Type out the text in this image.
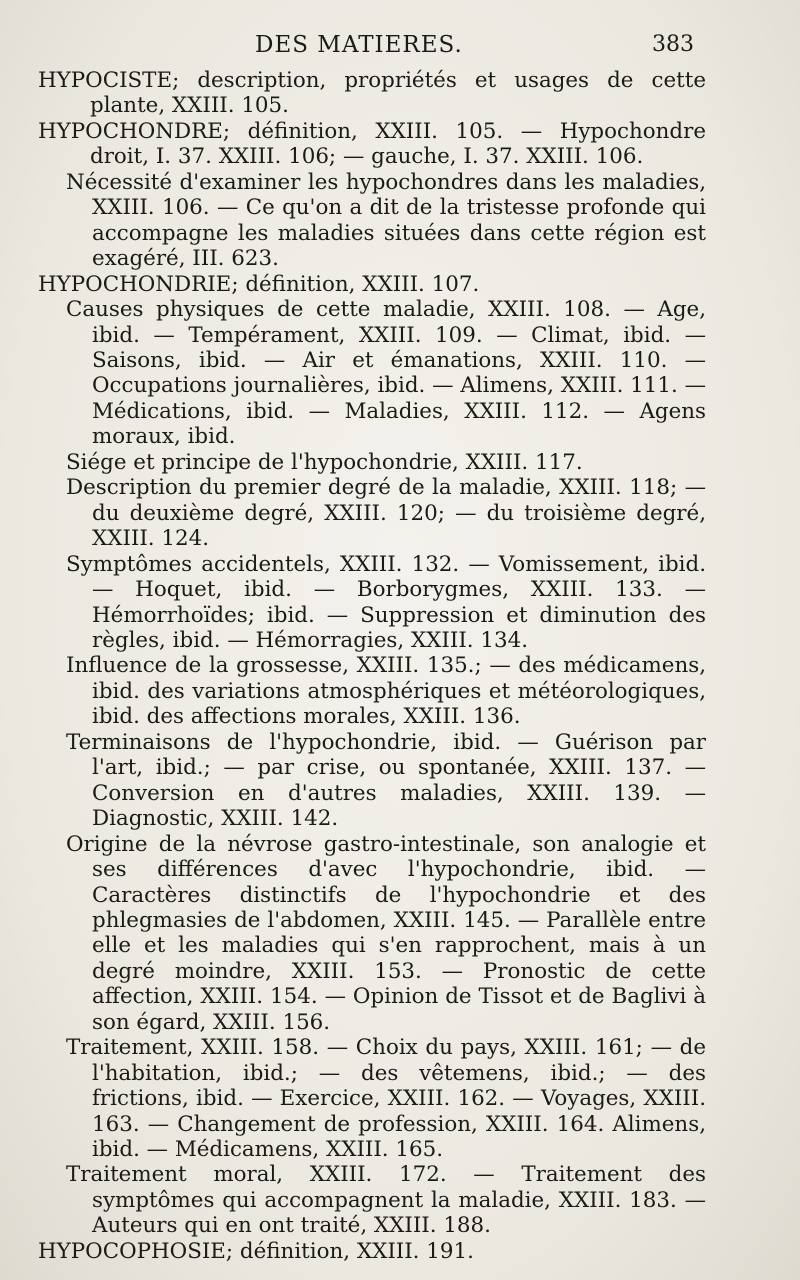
DES MATIERES.	383

HYPOCISTE; description, propriétés et usages de cette plante, XXIII. 105.

HYPOCHONDRE; définition, XXIII. 105. — Hypochondre droit, I. 37. XXIII. 106; — gauche, I. 37. XXIII. 106.

Nécessité d'examiner les hypochondres dans les maladies, XXIII. 106. — Ce qu'on a dit de la tristesse profonde qui accompagne les maladies situées dans cette région est exagéré, III. 623.

HYPOCHONDRIE; définition, XXIII. 107.

Causes physiques de cette maladie, XXIII. 108. — Age, ibid. — Tempérament, XXIII. 109. — Climat, ibid. — Saisons, ibid. — Air et émanations, XXIII. 110. — Occupations journalières, ibid. — Alimens, XXIII. 111. — Médications, ibid. — Maladies, XXIII. 112. — Agens moraux, ibid.

Siége et principe de l'hypochondrie, XXIII. 117.

Description du premier degré de la maladie, XXIII. 118; — du deuxième degré, XXIII. 120; — du troisième degré, XXIII. 124.

Symptômes accidentels, XXIII. 132. — Vomissement, ibid. — Hoquet, ibid. — Borborygmes, XXIII. 133. — Hémorrhoïdes; ibid. — Suppression et diminution des règles, ibid. — Hémorragies, XXIII. 134.

Influence de la grossesse, XXIII. 135.; — des médicamens, ibid. des variations atmosphériques et météorologiques, ibid. des affections morales, XXIII. 136.

Terminaisons de l'hypochondrie, ibid. — Guérison par l'art, ibid.; — par crise, ou spontanée, XXIII. 137. — Conversion en d'autres maladies, XXIII. 139. — Diagnostic, XXIII. 142.

Origine de la névrose gastro-intestinale, son analogie et ses différences d'avec l'hypochondrie, ibid. — Caractères distinctifs de l'hypochondrie et des phlegmasies de l'abdomen, XXIII. 145. — Parallèle entre elle et les maladies qui s'en rapprochent, mais à un degré moindre, XXIII. 153. — Pronostic de cette affection, XXIII. 154. — Opinion de Tissot et de Baglivi à son égard, XXIII. 156.

Traitement, XXIII. 158. — Choix du pays, XXIII. 161; — de l'habitation, ibid.; — des vêtemens, ibid.; — des frictions, ibid. — Exercice, XXIII. 162. — Voyages, XXIII. 163. — Changement de profession, XXIII. 164. Alimens, ibid. — Médicamens, XXIII. 165.

Traitement moral, XXIII. 172. — Traitement des symptômes qui accompagnent la maladie, XXIII. 183. — Auteurs qui en ont traité, XXIII. 188.

HYPOCOPHOSIE; définition, XXIII. 191.
